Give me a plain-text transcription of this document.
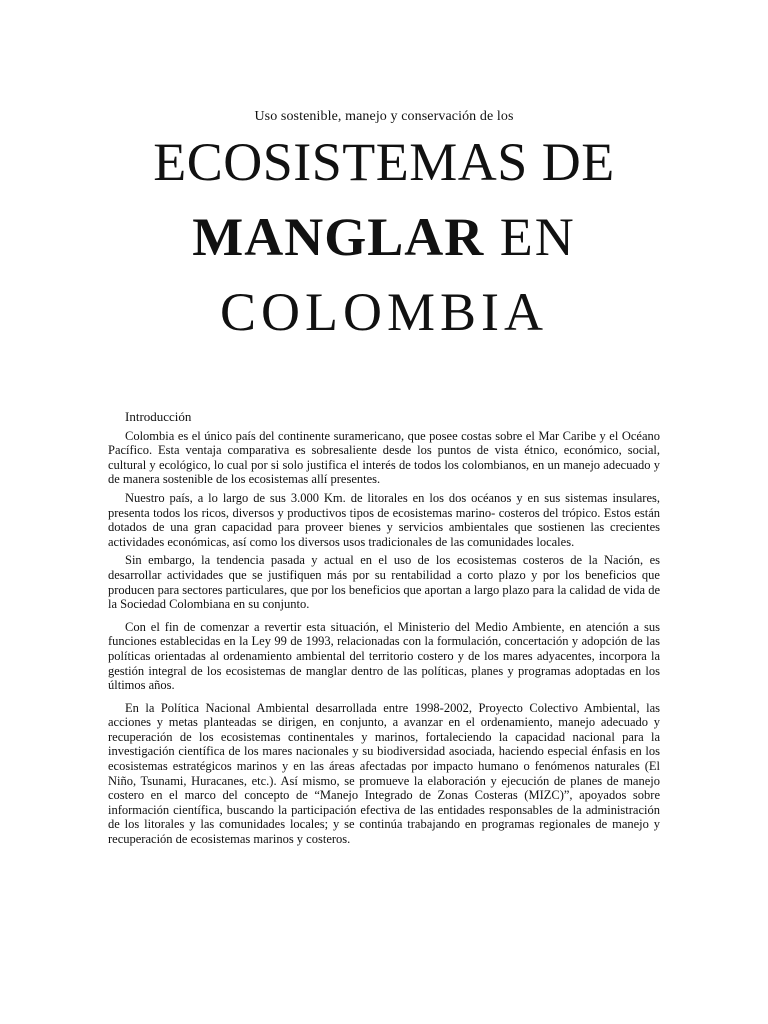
Uso sostenible, manejo y conservación de los
ECOSISTEMAS DE
MANGLAR EN
COLOMBIA
Introducción

Colombia es el único país del continente suramericano, que posee costas sobre el Mar Caribe y el Océano Pacífico. Esta ventaja comparativa es sobresaliente desde los puntos de vista étnico, económico, social, cultural y ecológico, lo cual por si solo justifica el interés de todos los colombianos, en un manejo adecuado y de manera sostenible de los ecosistemas allí presentes.

Nuestro país, a lo largo de sus 3.000 Km. de litorales en los dos océanos y en sus sistemas insulares, presenta todos los ricos, diversos y productivos tipos de ecosistemas marino- costeros del trópico. Estos están dotados de una gran capacidad para proveer bienes y servicios ambientales que sostienen las crecientes actividades económicas, así como los diversos usos tradicionales de las comunidades locales.

Sin embargo, la tendencia pasada y actual en el uso de los ecosistemas costeros de la Nación, es desarrollar actividades que se justifiquen más por su rentabilidad a corto plazo y por los beneficios que producen para sectores particulares, que por los beneficios que aportan a largo plazo para la calidad de vida de la Sociedad Colombiana en su conjunto.

Con el fin de comenzar a revertir esta situación, el Ministerio del Medio Ambiente, en atención a sus funciones establecidas en la Ley 99 de 1993, relacionadas con la formulación, concertación y adopción de las políticas orientadas al ordenamiento ambiental del territorio costero y de los mares adyacentes, incorpora la gestión integral de los ecosistemas de manglar dentro de las políticas, planes y programas adoptadas en los últimos años.

En la Política Nacional Ambiental desarrollada entre 1998-2002, Proyecto Colectivo Ambiental, las acciones y metas planteadas se dirigen, en conjunto, a avanzar en el ordenamiento, manejo adecuado y recuperación de los ecosistemas continentales y marinos, fortaleciendo la capacidad nacional para la investigación científica de los mares nacionales y su biodiversidad asociada, haciendo especial énfasis en los ecosistemas estratégicos marinos y en las áreas afectadas por impacto humano o fenómenos naturales (El Niño, Tsunami, Huracanes, etc.). Así mismo, se promueve la elaboración y ejecución de planes de manejo costero en el marco del concepto de “Manejo Integrado de Zonas Costeras (MIZC)”, apoyados sobre información científica, buscando la participación efectiva de las entidades responsables de la administración de los litorales y las comunidades locales; y se continúa trabajando en programas regionales de manejo y recuperación de ecosistemas marinos y costeros.
